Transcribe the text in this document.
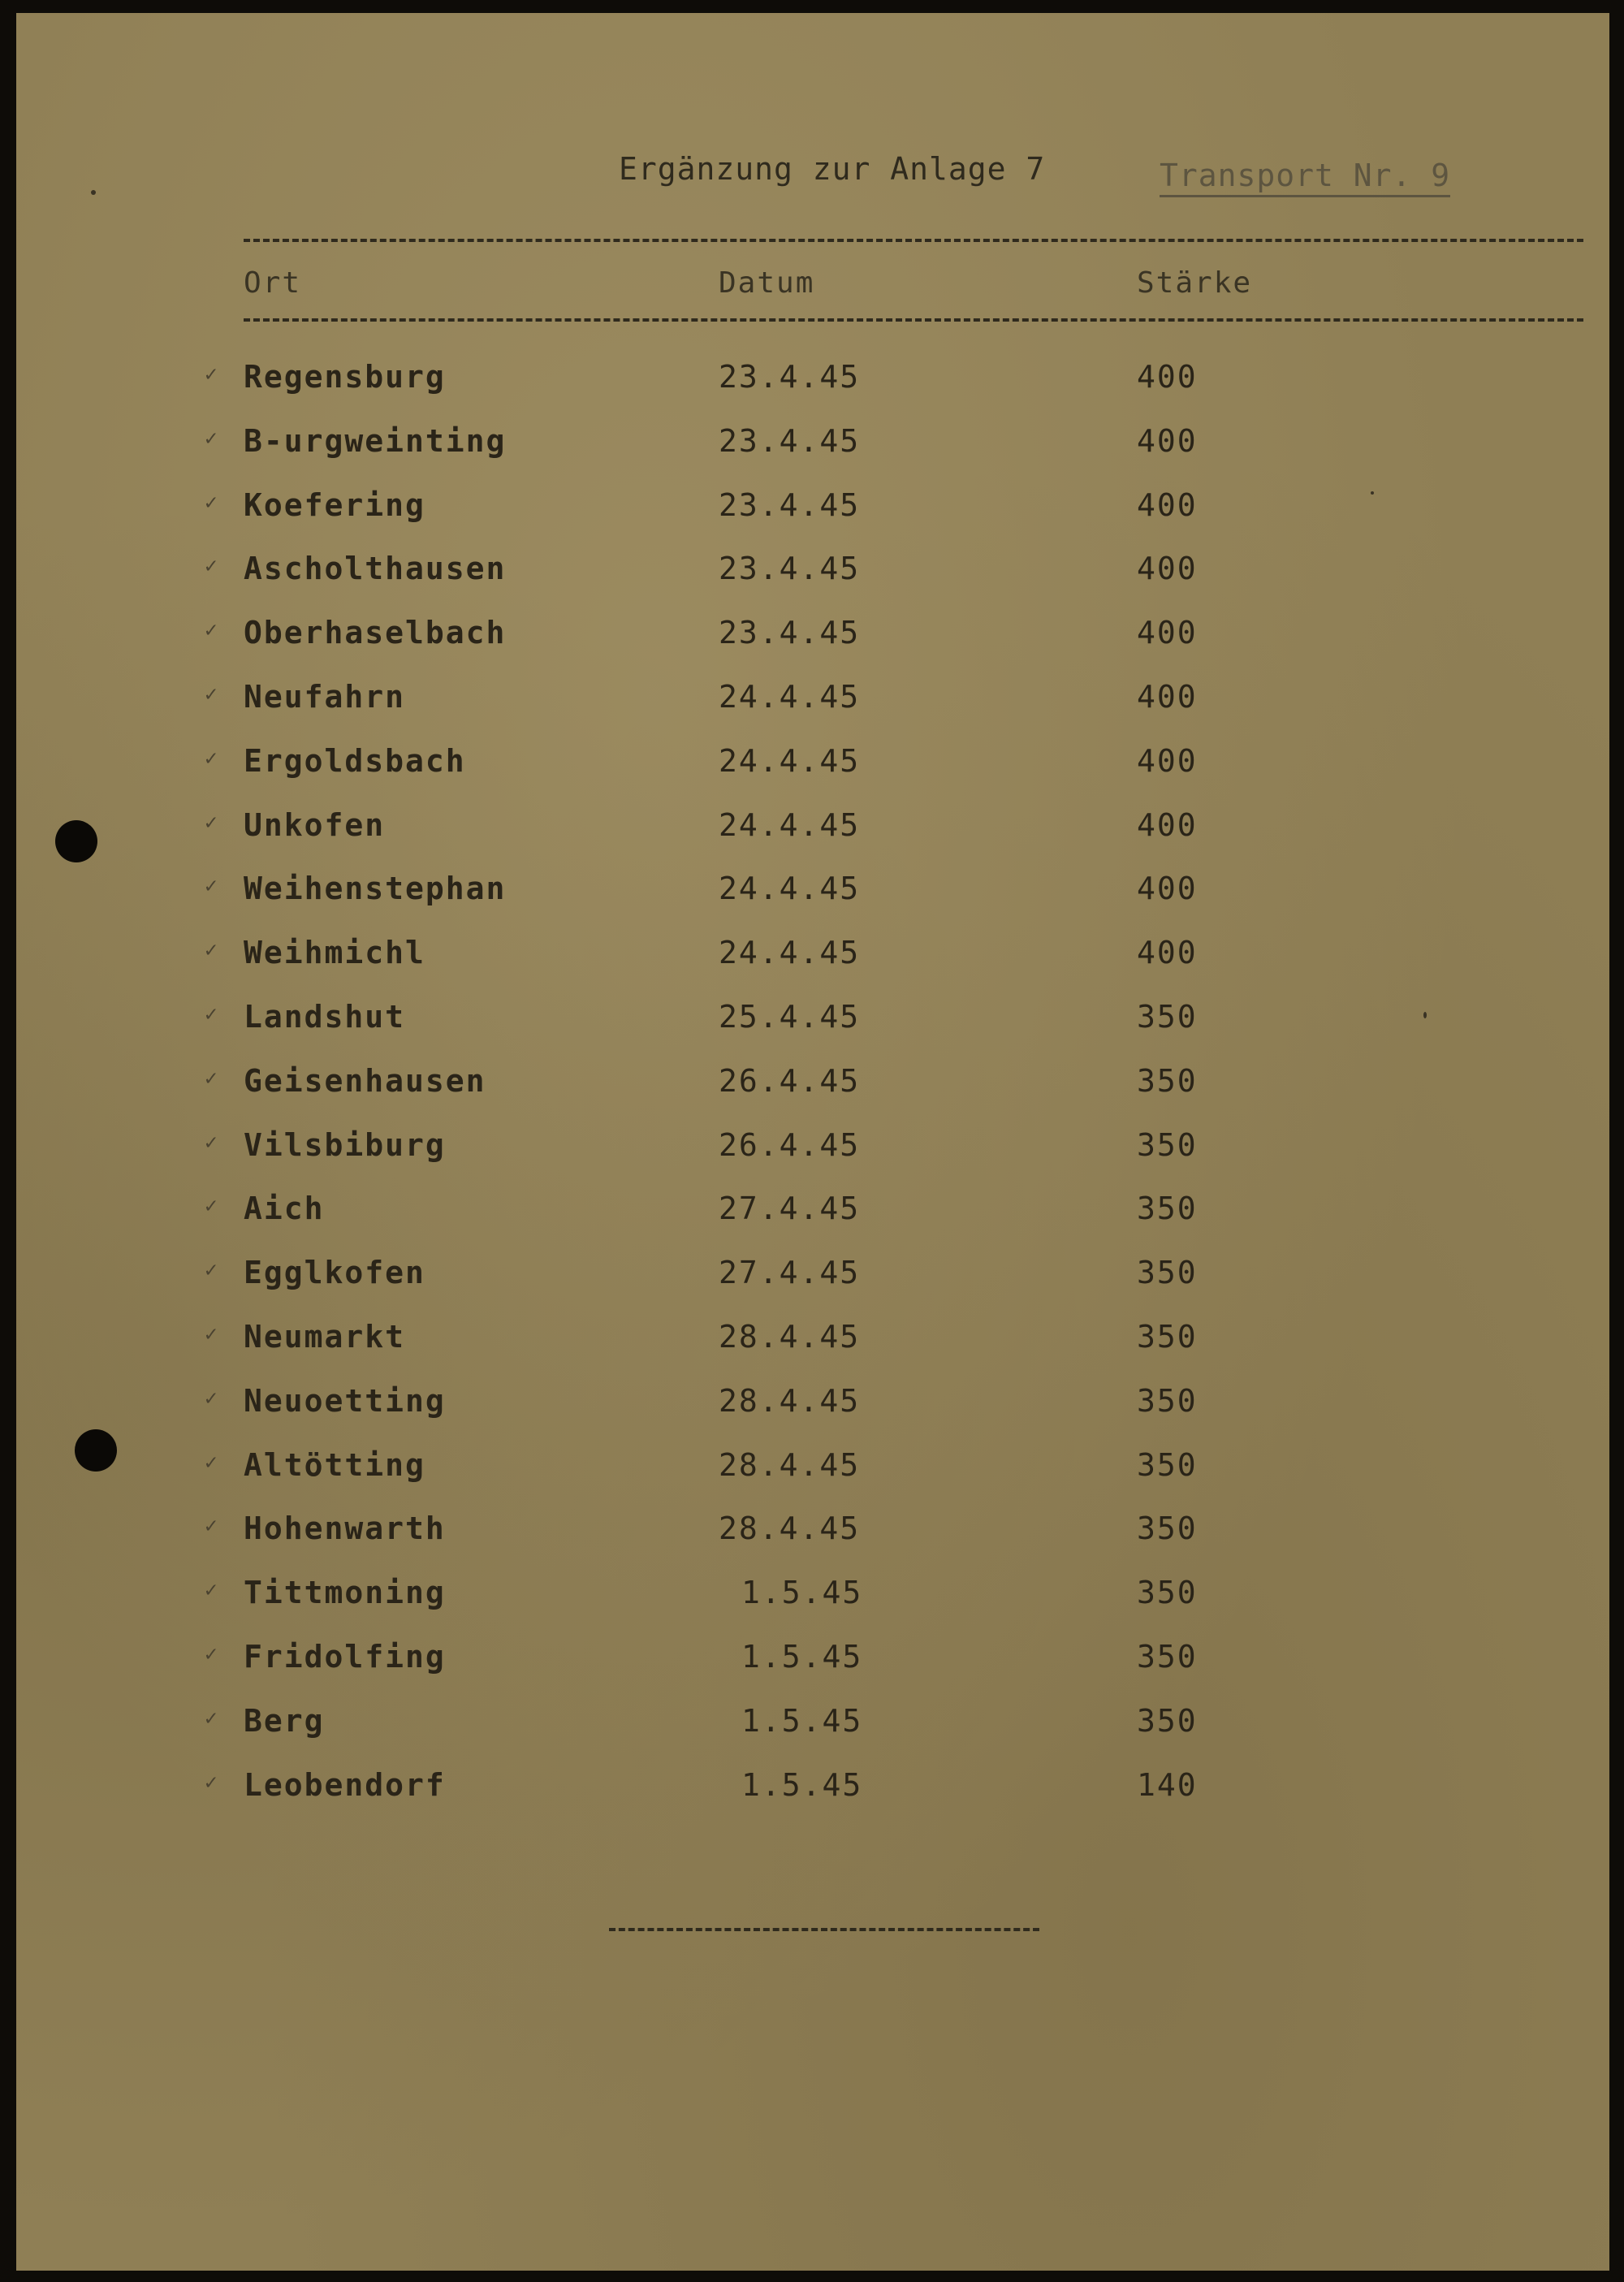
Ergänzung zur Anlage 7	Transport Nr. 9
Ort	Datum	Stärke
✓ Regensburg	23.4.45	400
✓ B-urgweinting	23.4.45	400
✓ Koefering	23.4.45	400
✓ Ascholthausen	23.4.45	400
✓ Oberhaselbach	23.4.45	400
✓ Neufahrn	24.4.45	400
✓ Ergoldsbach	24.4.45	400
✓ Unkofen	24.4.45	400
✓ Weihenstephan	24.4.45	400
✓ Weihmichl	24.4.45	400
✓ Landshut	25.4.45	350
✓ Geisenhausen	26.4.45	350
✓ Vilsbiburg	26.4.45	350
✓ Aich	27.4.45	350
✓ Egglkofen	27.4.45	350
✓ Neumarkt	28.4.45	350
✓ Neuoetting	28.4.45	350
✓ Altötting	28.4.45	350
✓ Hohenwarth	28.4.45	350
✓ Tittmoning	1.5.45	350
✓ Fridolfing	1.5.45	350
✓ Berg	1.5.45	350
✓ Leobendorf	1.5.45	140
